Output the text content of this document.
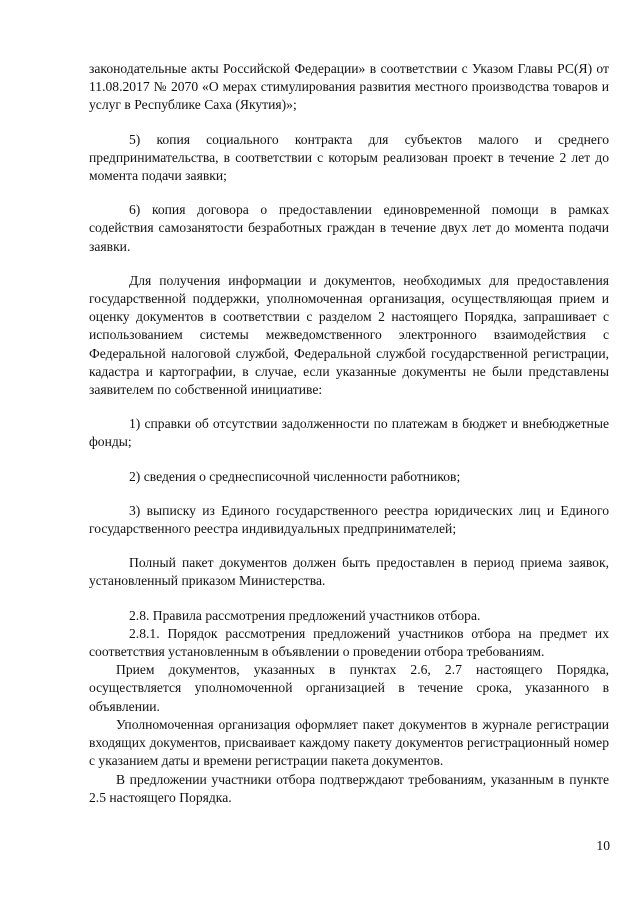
законодательные акты Российской Федерации» в соответствии с Указом Главы РС(Я) от 11.08.2017 № 2070 «О мерах стимулирования развития местного производства товаров и услуг в Республике Саха (Якутия)»;

5) копия социального контракта для субъектов малого и среднего предпринимательства, в соответствии с которым реализован проект в течение 2 лет до момента подачи заявки;

6) копия договора о предоставлении единовременной помощи в рамках содействия самозанятости безработных граждан в течение двух лет до момента подачи заявки.

Для получения информации и документов, необходимых для предоставления государственной поддержки, уполномоченная организация, осуществляющая прием и оценку документов в соответствии с разделом 2 настоящего Порядка, запрашивает с использованием системы межведомственного электронного взаимодействия с Федеральной налоговой службой, Федеральной службой государственной регистрации, кадастра и картографии, в случае, если указанные документы не были представлены заявителем по собственной инициативе:

1) справки об отсутствии задолженности по платежам в бюджет и внебюджетные фонды;

2) сведения о среднесписочной численности работников;

3) выписку из Единого государственного реестра юридических лиц и Единого государственного реестра индивидуальных предпринимателей;

Полный пакет документов должен быть предоставлен в период приема заявок, установленный приказом Министерства.

2.8. Правила рассмотрения предложений участников отбора.

2.8.1. Порядок рассмотрения предложений участников отбора на предмет их соответствия установленным в объявлении о проведении отбора требованиям.

Прием документов, указанных в пунктах 2.6, 2.7 настоящего Порядка, осуществляется уполномоченной организацией в течение срока, указанного в объявлении.

Уполномоченная организация оформляет пакет документов в журнале регистрации входящих документов, присваивает каждому пакету документов регистрационный номер с указанием даты и времени регистрации пакета документов.

В предложении участники отбора подтверждают требованиям, указанным в пункте 2.5 настоящего Порядка.

10
